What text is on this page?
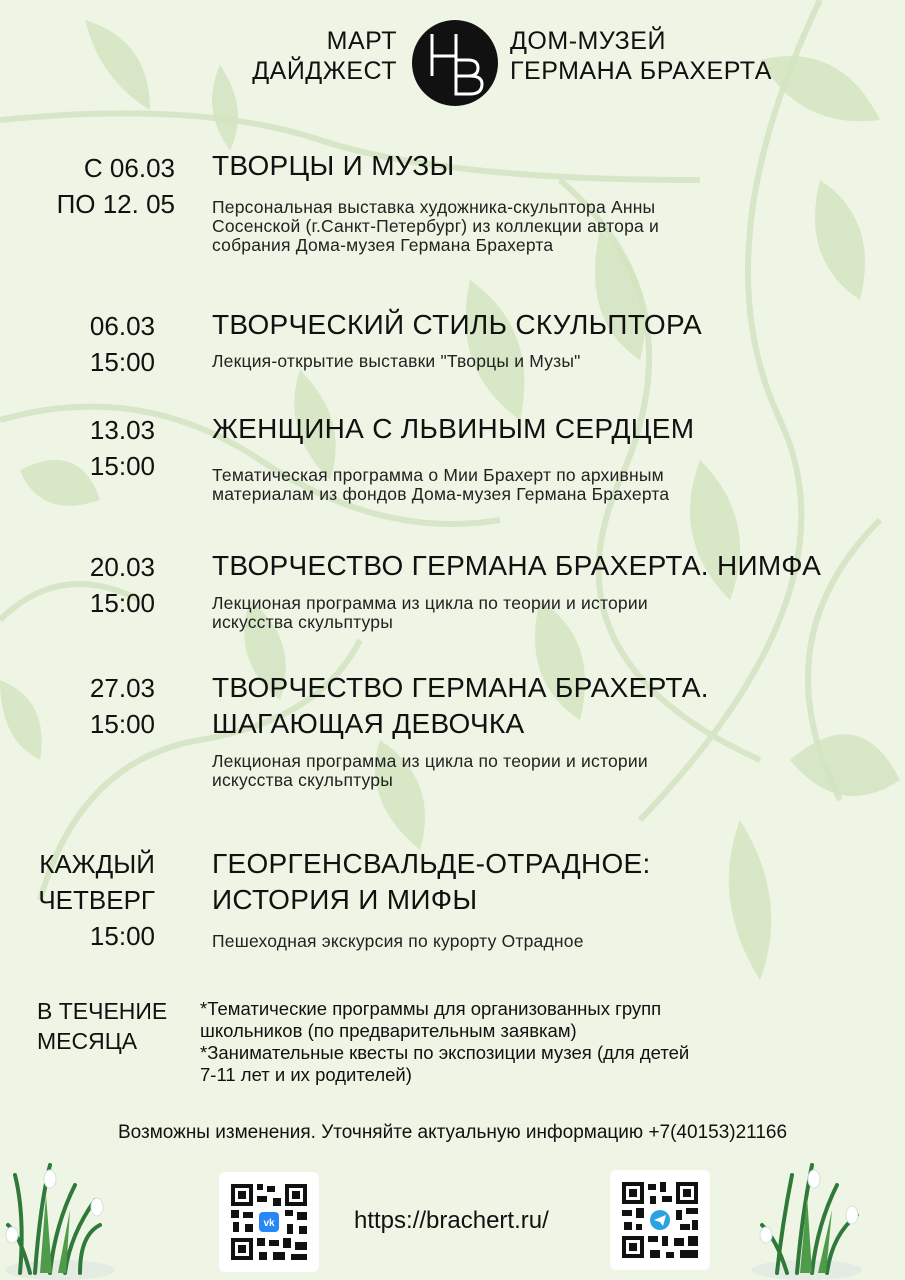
МАРТ
ДАЙДЖЕСТ
ДОМ-МУЗЕЙ
ГЕРМАНА БРАХЕРТА
С 06.03
ПО 12. 05
ТВОРЦЫ И МУЗЫ
Персональная выставка художника-скульптора Анны
Сосенской (г.Санкт-Петербург) из коллекции автора и
собрания Дома-музея Германа Брахерта
06.03
15:00
ТВОРЧЕСКИЙ СТИЛЬ СКУЛЬПТОРА
Лекция-открытие выставки "Творцы и Музы"
13.03
15:00
ЖЕНЩИНА С ЛЬВИНЫМ СЕРДЦЕМ
Тематическая программа о Мии Брахерт по архивным
материалам из фондов Дома-музея Германа Брахерта
20.03
15:00
ТВОРЧЕСТВО ГЕРМАНА БРАХЕРТА. НИМФА
Лекционая программа из цикла по теории и истории
искусства скульптуры
27.03
15:00
ТВОРЧЕСТВО ГЕРМАНА БРАХЕРТА.
ШАГАЮЩАЯ ДЕВОЧКА
Лекционая программа из цикла по теории и истории
искусства скульптуры
КАЖДЫЙ
ЧЕТВЕРГ
15:00
ГЕОРГЕНСВАЛЬДЕ-ОТРАДНОЕ:
ИСТОРИЯ И МИФЫ
Пешеходная экскурсия по курорту Отрадное
В ТЕЧЕНИЕ
МЕСЯЦА
*Тематические программы для организованных групп
школьников (по предварительным заявкам)
*Занимательные квесты по экспозиции музея (для детей
7-11 лет и их родителей)
Возможны изменения. Уточняйте актуальную информацию +7(40153)21166
vk	https://brachert.ru/
